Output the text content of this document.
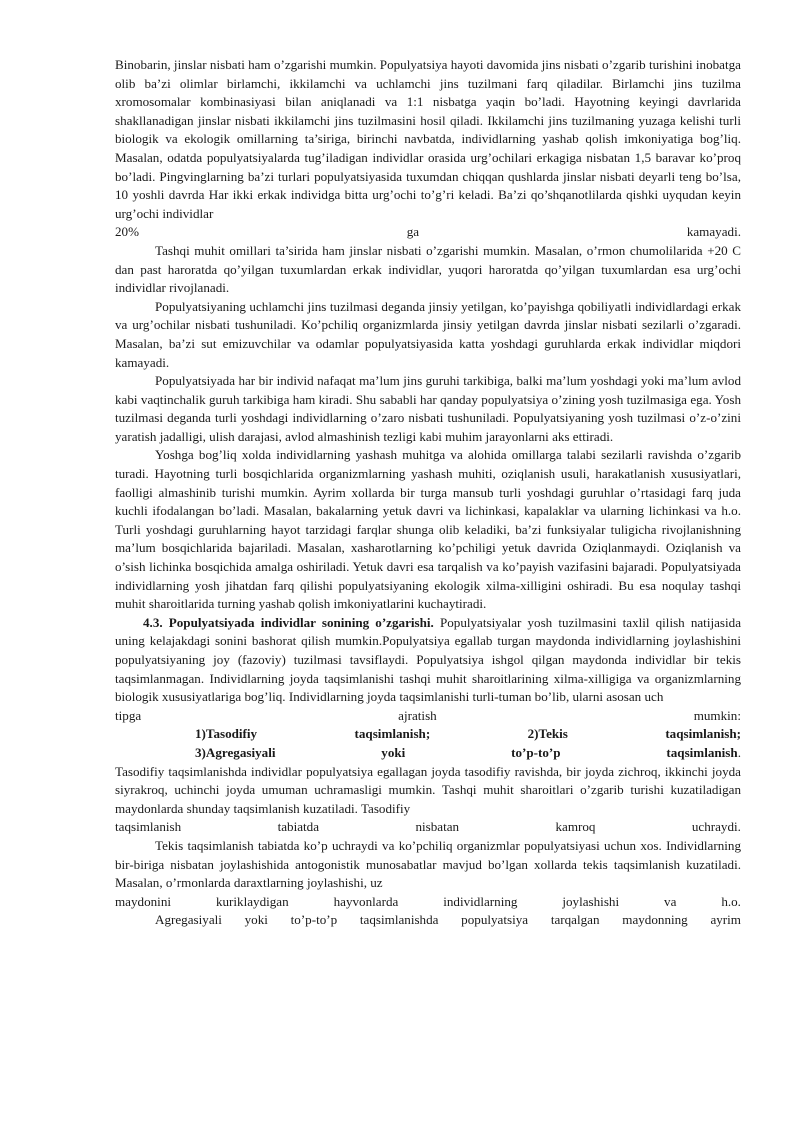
Binobarin, jinslar nisbati ham o’zgarishi mumkin. Populyatsiya hayoti davomida jins nisbati o’zgarib turishini inobatga olib ba’zi olimlar birlamchi, ikkilamchi va uchlamchi jins tuzilmani farq qiladilar. Birlamchi jins tuzilma xromosomalar kombinasiyasi bilan aniqlanadi va 1:1 nisbatga yaqin bo’ladi. Hayotning keyingi davrlarida shakllanadigan jinslar nisbati ikkilamchi jins tuzilmasini hosil qiladi. Ikkilamchi jins tuzilmaning yuzaga kelishi turli biologik va ekologik omillarning ta’siriga, birinchi navbatda, individlarning yashab qolish imkoniyatiga bog’liq. Masalan, odatda populyatsiyalarda tug’iladigan individlar orasida urg’ochilari erkagiga nisbatan 1,5 baravar ko’proq bo’ladi. Pingvinglarning ba’zi turlari populyatsiyasida tuxumdan chiqqan qushlarda jinslar nisbati deyarli teng bo’lsa, 10 yoshli davrda Har ikki erkak individga bitta urg’ochi to’g’ri keladi. Ba’zi qo’shqanotlilarda qishki uyqudan keyin urg’ochi individlar

20%	ga	kamayadi.

Tashqi muhit omillari ta’sirida ham jinslar nisbati o’zgarishi mumkin. Masalan, o’rmon chumolilarida +20 C dan past haroratda qo’yilgan tuxumlardan erkak individlar, yuqori haroratda qo’yilgan tuxumlardan esa urg’ochi individlar rivojlanadi.

Populyatsiyaning uchlamchi jins tuzilmasi deganda jinsiy yetilgan, ko’payishga qobiliyatli individlardagi erkak va urg’ochilar nisbati tushuniladi. Ko’pchiliq organizmlarda jinsiy yetilgan davrda jinslar nisbati sezilarli o’zgaradi. Masalan, ba’zi sut emizuvchilar va odamlar populyatsiyasida katta yoshdagi guruhlarda erkak individlar miqdori kamayadi.

Populyatsiyada har bir individ nafaqat ma’lum jins guruhi tarkibiga, balki ma’lum yoshdagi yoki ma’lum avlod kabi vaqtinchalik guruh tarkibiga ham kiradi. Shu sababli har qanday populyatsiya o’zining yosh tuzilmasiga ega. Yosh tuzilmasi deganda turli yoshdagi individlarning o’zaro nisbati tushuniladi. Populyatsiyaning yosh tuzilmasi o’z-o’zini yaratish jadalligi, ulish darajasi, avlod almashinish tezligi kabi muhim jarayonlarni aks ettiradi.

Yoshga bog’liq xolda individlarning yashash muhitga va alohida omillarga talabi sezilarli ravishda o’zgarib turadi. Hayotning turli bosqichlarida organizmlarning yashash muhiti, oziqlanish usuli, harakatlanish xususiyatlari, faolligi almashinib turishi mumkin. Ayrim xollarda bir turga mansub turli yoshdagi guruhlar o’rtasidagi farq juda kuchli ifodalangan bo’ladi. Masalan, bakalarning yetuk davri va lichinkasi, kapalaklar va ularning lichinkasi va h.o. Turli yoshdagi guruhlarning hayot tarzidagi farqlar shunga olib keladiki, ba’zi funksiyalar tuligicha rivojlanishning ma’lum bosqichlarida bajariladi. Masalan, xasharotlarning ko’pchiligi yetuk davrida Oziqlanmaydi. Oziqlanish va o’sish lichinka bosqichida amalga oshiriladi. Yetuk davri esa tarqalish va ko’payish vazifasini bajaradi. Populyatsiyada individlarning yosh jihatdan farq qilishi populyatsiyaning ekologik xilma-xilligini oshiradi. Bu esa noqulay tashqi muhit sharoitlarida turning yashab qolish imkoniyatlarini kuchaytiradi.

4.3. Populyatsiyada individlar sonining o’zgarishi. Populyatsiyalar yosh tuzilmasini taxlil qilish natijasida uning kelajakdagi sonini bashorat qilish mumkin.Populyatsiya egallab turgan maydonda individlarning joylashishini populyatsiyaning joy (fazoviy) tuzilmasi tavsiflaydi. Populyatsiya ishgol qilgan maydonda individlar bir tekis taqsimlanmagan. Individlarning joyda taqsimlanishi tashqi muhit sharoitlarining xilma-xilligiga va organizmlarning biologik xususiyatlariga bog’liq. Individlarning joyda taqsimlanishi turli-tuman bo’lib, ularni asosan uch

tipga	ajratish	mumkin:
1)Tasodifiy	taqsimlanish;	2)Tekis	taqsimlanish;
3)Agregasiyali	yoki	to’p-to’p	taqsimlanish.

Tasodifiy taqsimlanishda individlar populyatsiya egallagan joyda tasodifiy ravishda, bir joyda zichroq, ikkinchi joyda siyrakroq, uchinchi joyda umuman uchramasligi mumkin. Tashqi muhit sharoitlari o’zgarib turishi kuzatiladigan maydonlarda shunday taqsimlanish kuzatiladi. Tasodifiy

taqsimlanish	tabiatda	nisbatan	kamroq	uchraydi.

Tekis taqsimlanish tabiatda ko’p uchraydi va ko’pchiliq organizmlar populyatsiyasi uchun xos. Individlarning bir-biriga nisbatan joylashishida antogonistik munosabatlar mavjud bo’lgan xollarda tekis taqsimlanish kuzatiladi. Masalan, o’rmonlarda daraxtlarning joylashishi, uz

maydonini	kuriklaydigan	hayvonlarda	individlarning	joylashishi	va	h.o.

Agregasiyali yoki to’p-to’p taqsimlanishda populyatsiya tarqalgan maydonning ayrim
